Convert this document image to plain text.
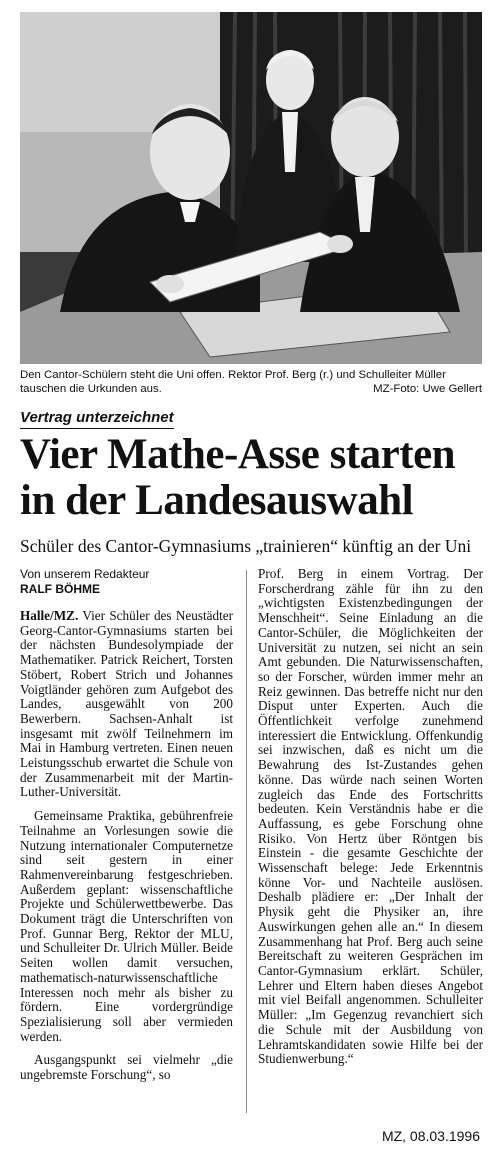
Den Cantor-Schülern steht die Uni offen. Rektor Prof. Berg (r.) und Schulleiter Müller tauschen die Urkunden aus.	MZ-Foto: Uwe Gellert
Vertrag unterzeichnet
Vier Mathe-Asse starten
in der Landesauswahl
Schüler des Cantor-Gymnasiums „trainieren“ künftig an der Uni
Von unserem Redakteur
RALF BÖHME

Halle/MZ. Vier Schüler des Neustädter Georg-Cantor-Gymnasiums starten bei der nächsten Bundesolympiade der Mathematiker. Patrick Reichert, Torsten Stöbert, Robert Strich und Johannes Voigtländer gehören zum Aufgebot des Landes, ausgewählt von 200 Bewerbern. Sachsen-Anhalt ist insgesamt mit zwölf Teilnehmern im Mai in Hamburg vertreten. Einen neuen Leistungsschub erwartet die Schule von der Zusammenarbeit mit der Martin-Luther-Universität.

Gemeinsame Praktika, gebührenfreie Teilnahme an Vorlesungen sowie die Nutzung internationaler Computernetze sind seit gestern in einer Rahmenvereinbarung festgeschrieben. Außerdem geplant: wissenschaftliche Projekte und Schülerwettbewerbe. Das Dokument trägt die Unterschriften von Prof. Gunnar Berg, Rektor der MLU, und Schulleiter Dr. Ulrich Müller. Beide Seiten wollen damit versuchen, mathematisch-naturwissenschaftliche Interessen noch mehr als bisher zu fördern. Eine vordergründige Spezialisierung soll aber vermieden werden.

Ausgangspunkt sei vielmehr „die ungebremste Forschung“, so

Prof. Berg in einem Vortrag. Der Forscherdrang zähle für ihn zu den „wichtigsten Existenzbedingungen der Menschheit“. Seine Einladung an die Cantor-Schüler, die Möglichkeiten der Universität zu nutzen, sei nicht an sein Amt gebunden. Die Naturwissenschaften, so der Forscher, würden immer mehr an Reiz gewinnen. Das betreffe nicht nur den Disput unter Experten. Auch die Öffentlichkeit verfolge zunehmend interessiert die Entwicklung. Offenkundig sei inzwischen, daß es nicht um die Bewahrung des Ist-Zustandes gehen könne. Das würde nach seinen Worten zugleich das Ende des Fortschritts bedeuten. Kein Verständnis habe er die Auffassung, es gebe Forschung ohne Risiko. Von Hertz über Röntgen bis Einstein - die gesamte Geschichte der Wissenschaft belege: Jede Erkenntnis könne Vor- und Nachteile auslösen. Deshalb plädiere er: „Der Inhalt der Physik geht die Physiker an, ihre Auswirkungen gehen alle an.“ In diesem Zusammenhang hat Prof. Berg auch seine Bereitschaft zu weiteren Gesprächen im Cantor-Gymnasium erklärt. Schüler, Lehrer und Eltern haben dieses Angebot mit viel Beifall angenommen. Schulleiter Müller: „Im Gegenzug revanchiert sich die Schule mit der Ausbildung von Lehramtskandidaten sowie Hilfe bei der Studienwerbung.“

MZ, 08.03.1996
